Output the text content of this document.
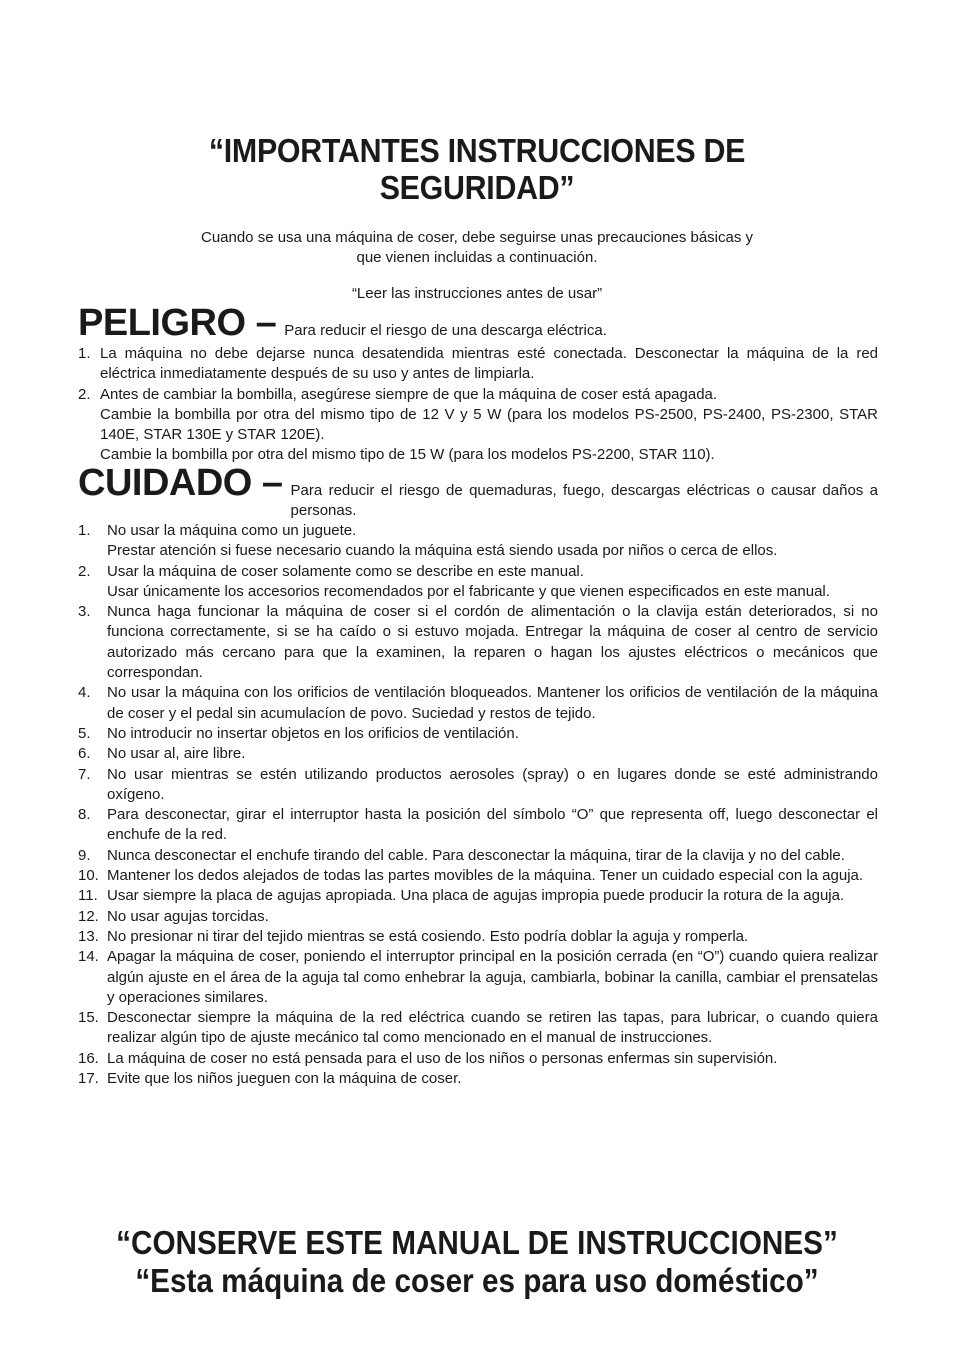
“IMPORTANTES INSTRUCCIONES DE
SEGURIDAD”
Cuando se usa una máquina de coser, debe seguirse unas precauciones básicas y
que vienen incluidas a continuación.
“Leer las instrucciones antes de usar”
PELIGRO – Para reducir el riesgo de una descarga eléctrica.
1. La máquina no debe dejarse nunca desatendida mientras esté conectada. Desconectar la máquina de la red eléctrica inmediatamente después de su uso y antes de limpiarla.
2. Antes de cambiar la bombilla, asegúrese siempre de que la máquina de coser está apagada.
Cambie la bombilla por otra del mismo tipo de 12 V y 5 W (para los modelos PS-2500, PS-2400, PS-2300, STAR 140E, STAR 130E y STAR 120E).
Cambie la bombilla por otra del mismo tipo de 15 W (para los modelos PS-2200, STAR 110).
CUIDADO – Para reducir el riesgo de quemaduras, fuego, descargas eléctricas o causar daños a personas.
1.	No usar la máquina como un juguete.
Prestar atención si fuese necesario cuando la máquina está siendo usada por niños o cerca de ellos.
2.	Usar la máquina de coser solamente como se describe en este manual.
Usar únicamente los accesorios recomendados por el fabricante y que vienen especificados en este manual.
3.	Nunca haga funcionar la máquina de coser si el cordón de alimentación o la clavija están deteriorados, si no funciona correctamente, si se ha caído o si estuvo mojada. Entregar la máquina de coser al centro de servicio autorizado más cercano para que la examinen, la reparen o hagan los ajustes eléctricos o mecánicos que correspondan.
4.	No usar la máquina con los orificios de ventilación bloqueados. Mantener los orificios de ventilación de la máquina de coser y el pedal sin acumulacíon de povo. Suciedad y restos de tejido.
5.	No introducir no insertar objetos en los orificios de ventilación.
6.	No usar al, aire libre.
7.	No usar mientras se estén utilizando productos aerosoles (spray) o en lugares donde se esté administrando oxígeno.
8.	Para desconectar, girar el interruptor hasta la posición del símbolo “O” que representa off, luego desconectar el enchufe de la red.
9.	Nunca desconectar el enchufe tirando del cable. Para desconectar la máquina, tirar de la clavija y no del cable.
10. Mantener los dedos alejados de todas las partes movibles de la máquina. Tener un cuidado especial con la aguja.
11. Usar siempre la placa de agujas apropiada. Una placa de agujas impropia puede producir la rotura de la aguja.
12. No usar agujas torcidas.
13. No presionar ni tirar del tejido mientras se está cosiendo. Esto podría doblar la aguja y romperla.
14. Apagar la máquina de coser, poniendo el interruptor principal en la posición cerrada (en “O”) cuando quiera realizar algún ajuste en el área de la aguja tal como enhebrar la aguja, cambiarla, bobinar la canilla, cambiar el prensatelas y operaciones similares.
15. Desconectar siempre la máquina de la red eléctrica cuando se retiren las tapas, para lubricar, o cuando quiera realizar algún tipo de ajuste mecánico tal como mencionado en el manual de instrucciones.
16. La máquina de coser no está pensada para el uso de los niños o personas enfermas sin supervisión.
17. Evite que los niños jueguen con la máquina de coser.
“CONSERVE ESTE MANUAL DE INSTRUCCIONES”
“Esta máquina de coser es para uso doméstico”
